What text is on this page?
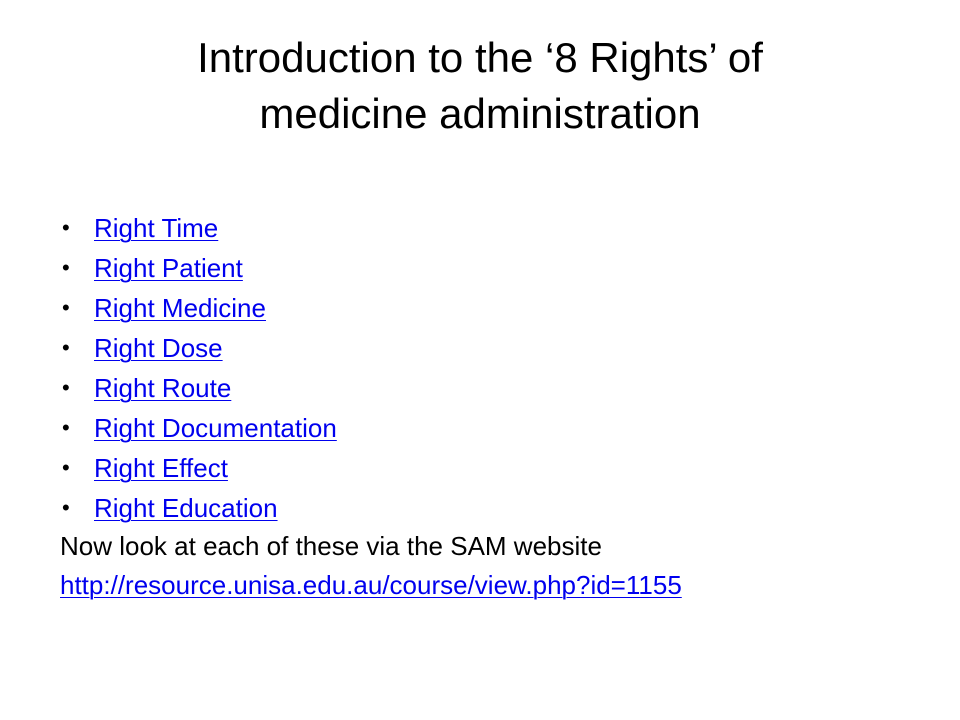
Introduction to the ‘8 Rights’ of
medicine administration
• Right Time
• Right Patient
• Right Medicine
• Right Dose
• Right Route
• Right Documentation
• Right Effect
• Right Education

Now look at each of these via the SAM website

http://resource.unisa.edu.au/course/view.php?id=1155
